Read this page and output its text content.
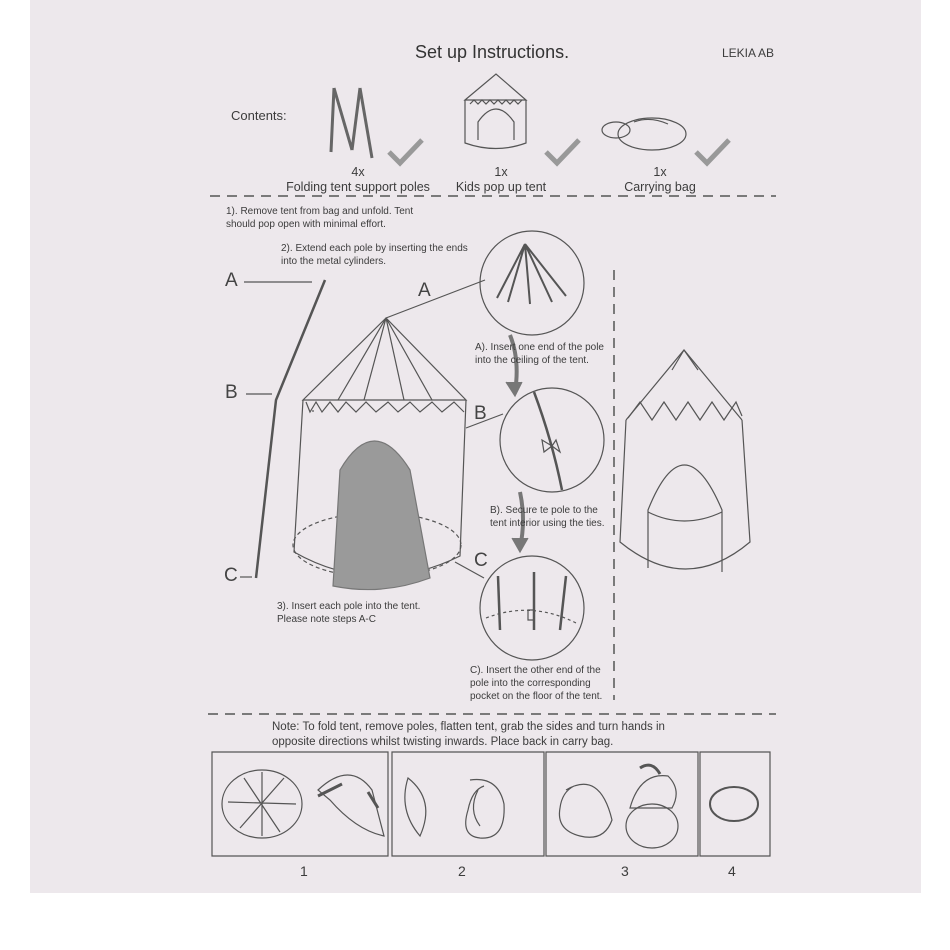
Set up Instructions.	LEKIA AB
Contents:
4x
Folding tent support poles
1x
Kids pop up tent
1x
Carrying bag
1). Remove tent from bag and unfold. Tent should pop open with minimal effort.
2). Extend each pole by inserting the ends into the metal cylinders.
3). Insert each pole into the tent. Please note steps A-C
A
B
C
A
A). Insert one end of the pole into the ceiling of the tent.
B
B). Secure te pole to the tent interior using the ties.
C
C). Insert the other end of the pole into the corresponding pocket on the floor of the tent.
Note: To fold tent, remove poles, flatten tent, grab the sides and turn hands in opposite directions whilst twisting inwards. Place back in carry bag.
1	2	3	4
